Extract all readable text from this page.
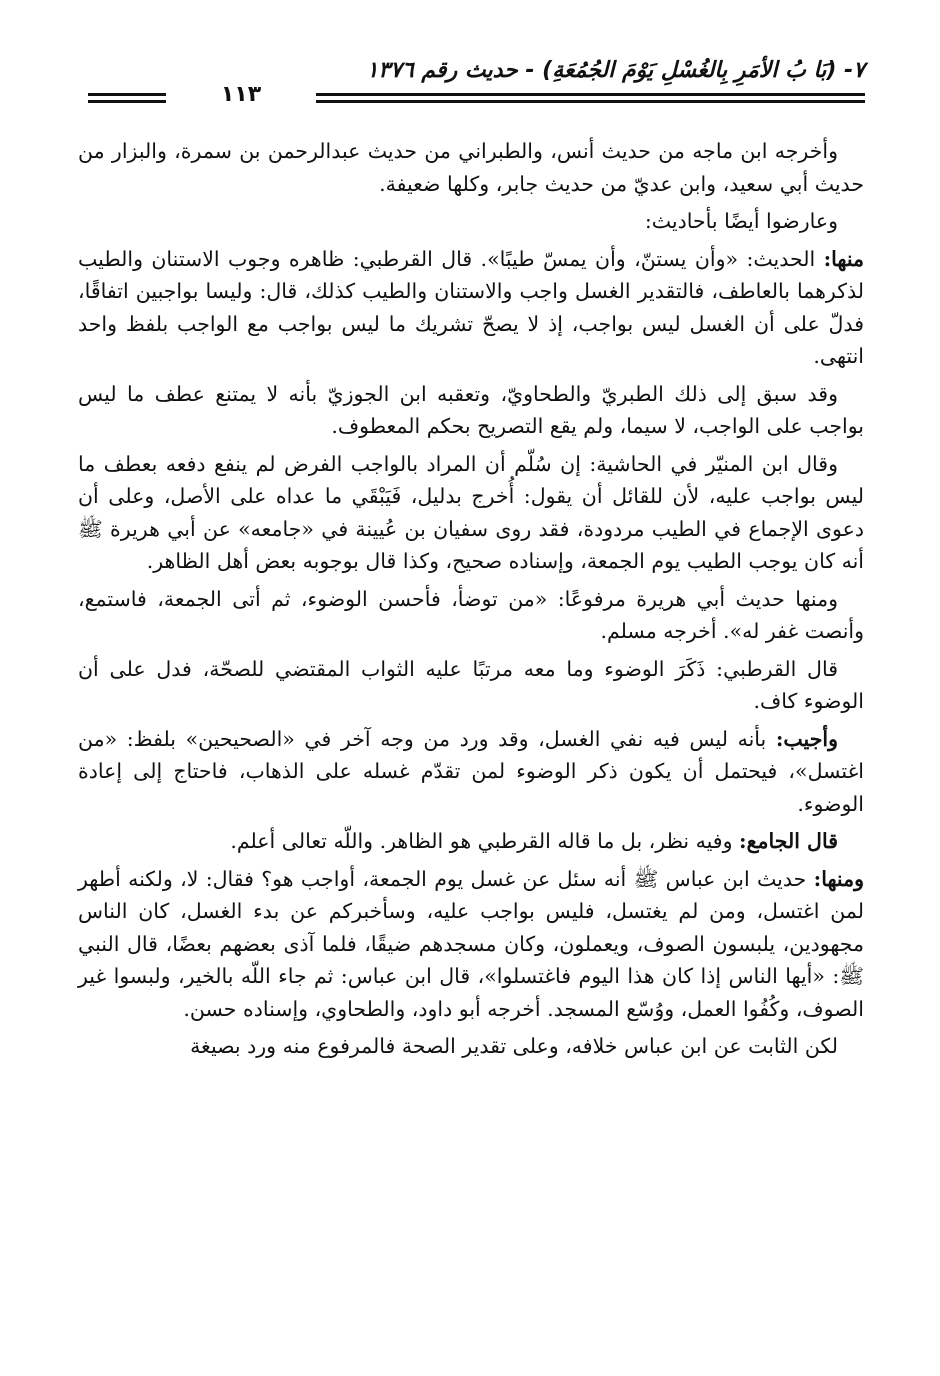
٧- (بَا بُ الأمَرِ بِالغُسْلِ يَوْمَ الجُمُعَةِ) - حديث رقم ١٣٧٦
١١٣

وأخرجه ابن ماجه من حديث أنس، والطبراني من حديث عبدالرحمن بن سمرة، والبزار من حديث أبي سعيد، وابن عديّ من حديث جابر، وكلها ضعيفة.

وعارضوا أيضًا بأحاديث:

منها: الحديث: «وأن يستنّ، وأن يمسّ طيبًا». قال القرطبي: ظاهره وجوب الاستنان والطيب لذكرهما بالعاطف، فالتقدير الغسل واجب والاستنان والطيب كذلك، قال: وليسا بواجبين اتفاقًا، فدلّ على أن الغسل ليس بواجب، إذ لا يصحّ تشريك ما ليس بواجب مع الواجب بلفظ واحد انتهى.

وقد سبق إلى ذلك الطبريّ والطحاويّ، وتعقبه ابن الجوزيّ بأنه لا يمتنع عطف ما ليس بواجب على الواجب، لا سيما، ولم يقع التصريح بحكم المعطوف.

وقال ابن المنيّر في الحاشية: إن سُلّم أن المراد بالواجب الفرض لم ينفع دفعه بعطف ما ليس بواجب عليه، لأن للقائل أن يقول: أُخرج بدليل، فَيَبْقَي ما عداه على الأصل، وعلى أن دعوى الإجماع في الطيب مردودة، فقد روى سفيان بن عُيينة في «جامعه» عن أبي هريرة ﷺ أنه كان يوجب الطيب يوم الجمعة، وإسناده صحيح، وكذا قال بوجوبه بعض أهل الظاهر.

ومنها حديث أبي هريرة مرفوعًا: «من توضأ، فأحسن الوضوء، ثم أتى الجمعة، فاستمع، وأنصت غفر له». أخرجه مسلم.

قال القرطبي: ذَكَرَ الوضوء وما معه مرتبًا عليه الثواب المقتضي للصحّة، فدل على أن الوضوء كاف.

وأجيب: بأنه ليس فيه نفي الغسل، وقد ورد من وجه آخر في «الصحيحين» بلفظ: «من اغتسل»، فيحتمل أن يكون ذكر الوضوء لمن تقدّم غسله على الذهاب، فاحتاج إلى إعادة الوضوء.

قال الجامع: وفيه نظر، بل ما قاله القرطبي هو الظاهر. واللّه تعالى أعلم.

ومنها: حديث ابن عباس ﷺ أنه سئل عن غسل يوم الجمعة، أواجب هو؟ فقال: لا، ولكنه أطهر لمن اغتسل، ومن لم يغتسل، فليس بواجب عليه، وسأخبركم عن بدء الغسل، كان الناس مجهودين، يلبسون الصوف، ويعملون، وكان مسجدهم ضيقًا، فلما آذى بعضهم بعضًا، قال النبي ﷺ: «أيها الناس إذا كان هذا اليوم فاغتسلوا»، قال ابن عباس: ثم جاء اللّه بالخير، ولبسوا غير الصوف، وكُفُوا العمل، ووُسّع المسجد. أخرجه أبو داود، والطحاوي، وإسناده حسن.

لكن الثابت عن ابن عباس خلافه، وعلى تقدير الصحة فالمرفوع منه ورد بصيغة
